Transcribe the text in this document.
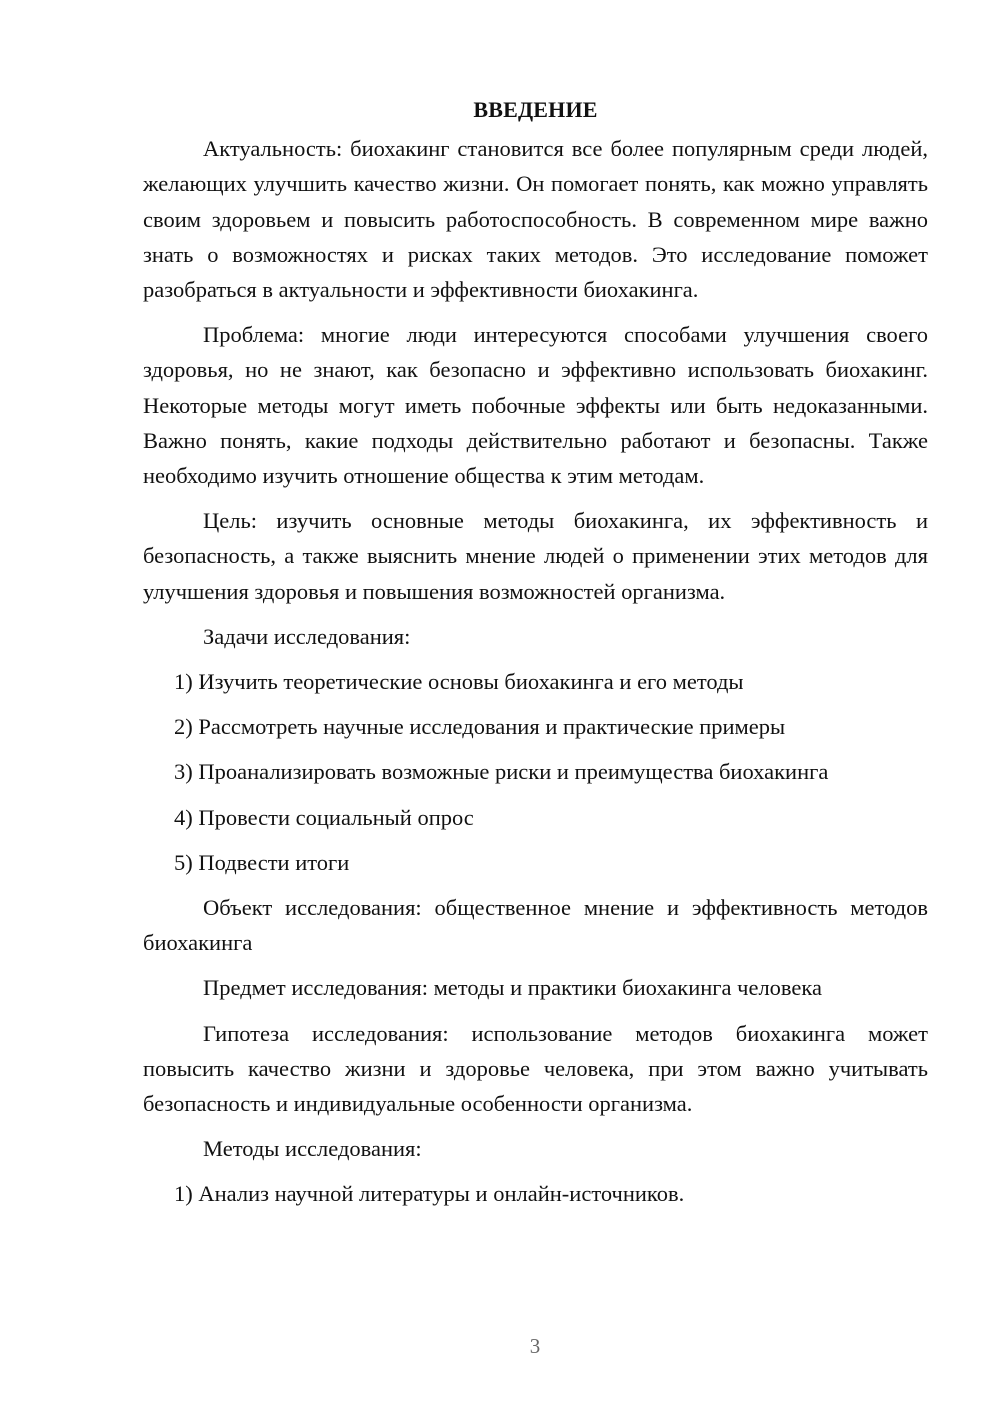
ВВЕДЕНИЕ
Актуальность: биохакинг становится все более популярным среди людей, желающих улучшить качество жизни. Он помогает понять, как можно управлять своим здоровьем и повысить работоспособность. В современном мире важно знать о возможностях и рисках таких методов. Это исследование поможет разобраться в актуальности и эффективности биохакинга.
Проблема: многие люди интересуются способами улучшения своего здоровья, но не знают, как безопасно и эффективно использовать биохакинг. Некоторые методы могут иметь побочные эффекты или быть недоказанными. Важно понять, какие подходы действительно работают и безопасны. Также необходимо изучить отношение общества к этим методам.
Цель: изучить основные методы биохакинга, их эффективность и безопасность, а также выяснить мнение людей о применении этих методов для улучшения здоровья и повышения возможностей организма.
Задачи исследования:
1) Изучить теоретические основы биохакинга и его методы
2) Рассмотреть научные исследования и практические примеры
3) Проанализировать возможные риски и преимущества биохакинга
4) Провести социальный опрос
5) Подвести итоги
Объект исследования: общественное мнение и эффективность методов биохакинга
Предмет исследования: методы и практики биохакинга человека
Гипотеза исследования: использование методов биохакинга может повысить качество жизни и здоровье человека, при этом важно учитывать безопасность и индивидуальные особенности организма.
Методы исследования:
1) Анализ научной литературы и онлайн-источников.
3
